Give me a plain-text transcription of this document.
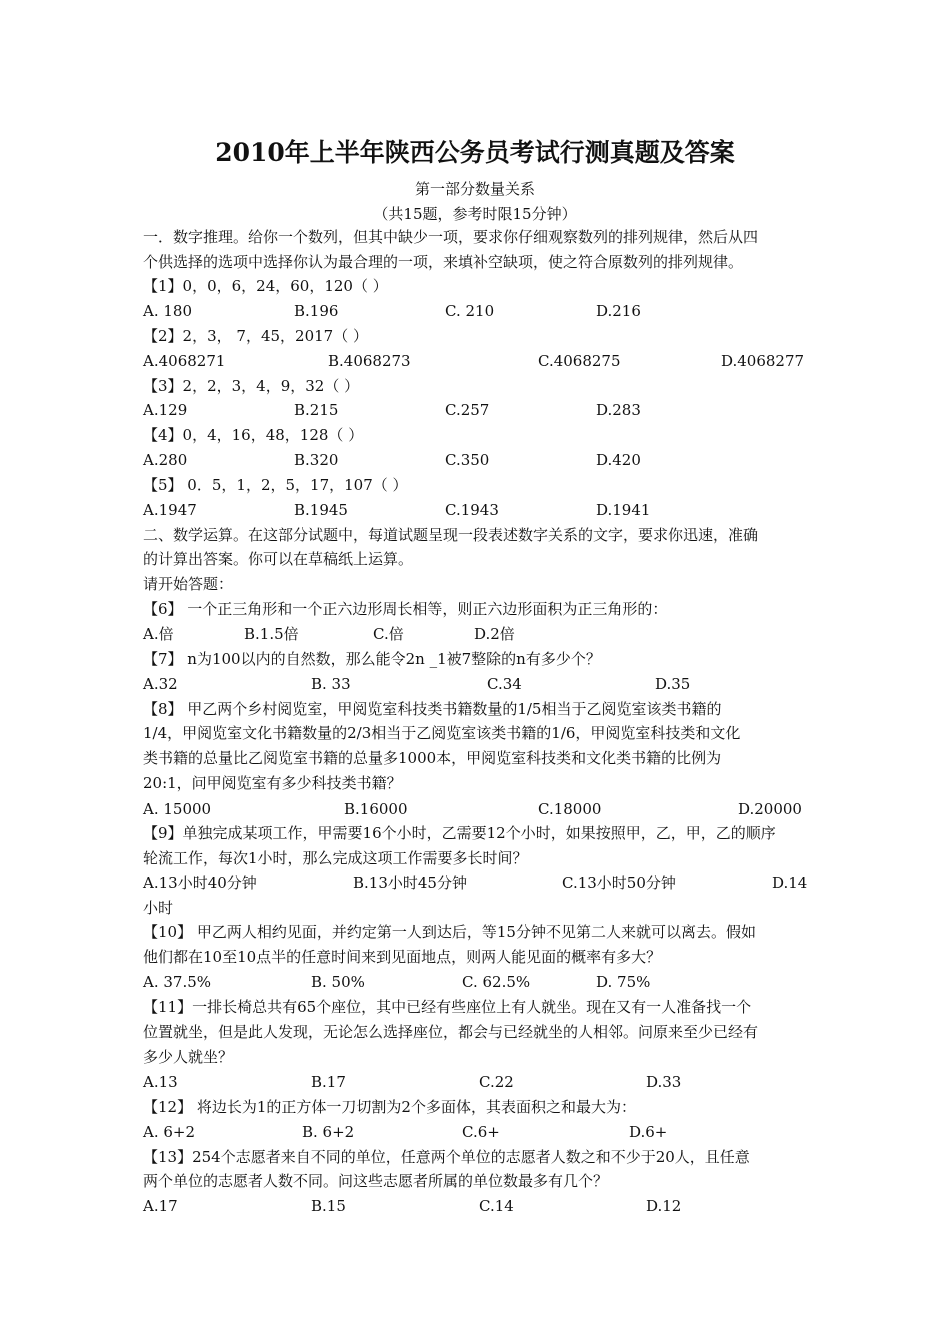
2010年上半年陕西公务员考试行测真题及答案
第一部分数量关系
（共15题，参考时限15分钟）
一．数字推理。给你一个数列，但其中缺少一项，要求你仔细观察数列的排列规律，然后从四
个供选择的选项中选择你认为最合理的一项，来填补空缺项，使之符合原数列的排列规律。
【1】0，0，6，24，60，120（ ）
A. 180	B.196	C. 210	D.216
【2】2，3， 7，45，2017（ ）
A.4068271	B.4068273	C.4068275	D.4068277
【3】2，2，3，4，9，32（ ）
A.129	B.215	C.257	D.283
【4】0，4，16，48，128（ ）
A.280	B.320	C.350	D.420
【5】 0．5，1，2，5，17，107（ ）
A.1947	B.1945	C.1943	D.1941
二、数学运算。在这部分试题中，每道试题呈现一段表述数字关系的文字，要求你迅速，准确
的计算出答案。你可以在草稿纸上运算。
请开始答题：
【6】 一个正三角形和一个正六边形周长相等，则正六边形面积为正三角形的：
A.倍	B.1.5倍	C.倍	D.2倍
【7】 n为100以内的自然数，那么能令2n _1被7整除的n有多少个？
A.32	B. 33	C.34	D.35
【8】 甲乙两个乡村阅览室，甲阅览室科技类书籍数量的1/5相当于乙阅览室该类书籍的
1/4，甲阅览室文化书籍数量的2/3相当于乙阅览室该类书籍的1/6，甲阅览室科技类和文化
类书籍的总量比乙阅览室书籍的总量多1000本，甲阅览室科技类和文化类书籍的比例为
20:1，问甲阅览室有多少科技类书籍？
A. 15000	B.16000	C.18000	D.20000
【9】单独完成某项工作，甲需要16个小时，乙需要12个小时，如果按照甲，乙，甲，乙的顺序
轮流工作，每次1小时，那么完成这项工作需要多长时间？
A.13小时40分钟	B.13小时45分钟	C.13小时50分钟	D.14
小时
【10】 甲乙两人相约见面，并约定第一人到达后，等15分钟不见第二人来就可以离去。假如
他们都在10至10点半的任意时间来到见面地点，则两人能见面的概率有多大？
A. 37.5%	B. 50%	C. 62.5%	D. 75%
【11】一排长椅总共有65个座位，其中已经有些座位上有人就坐。现在又有一人准备找一个
位置就坐，但是此人发现，无论怎么选择座位，都会与已经就坐的人相邻。问原来至少已经有
多少人就坐？
A.13	B.17	C.22	D.33
【12】 将边长为1的正方体一刀切割为2个多面体，其表面积之和最大为：
A. 6+2	B. 6+2	C.6+	D.6+
【13】254个志愿者来自不同的单位，任意两个单位的志愿者人数之和不少于20人，且任意
两个单位的志愿者人数不同。问这些志愿者所属的单位数最多有几个？
A.17	B.15	C.14	D.12
